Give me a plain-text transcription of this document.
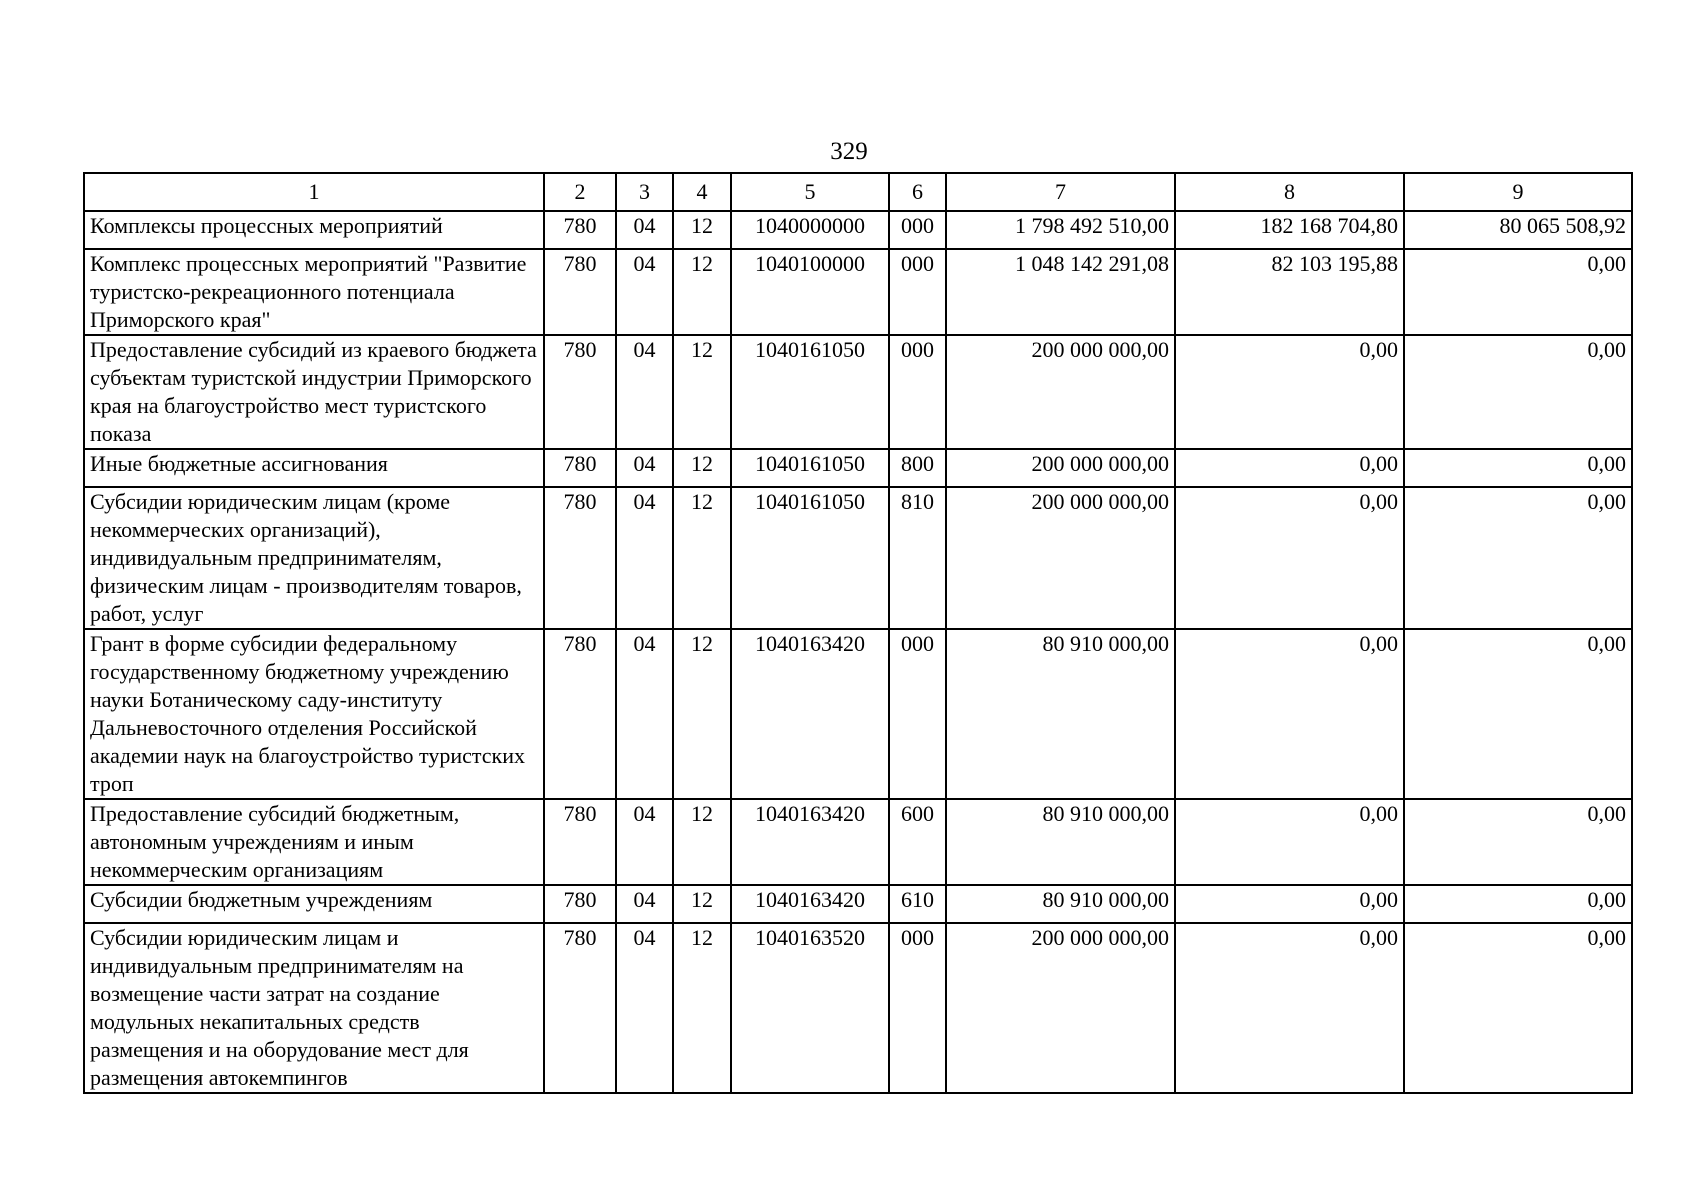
329
1	2	3	4	5	6	7	8	9
Комплексы процессных мероприятий	780	04	12	1040000000	000	1 798 492 510,00	182 168 704,80	80 065 508,92
Комплекс процессных мероприятий "Развитие туристско-рекреационного потенциала Приморского края"	780	04	12	1040100000	000	1 048 142 291,08	82 103 195,88	0,00
Предоставление субсидий из краевого бюджета субъектам туристской индустрии Приморского края на благоустройство мест туристского показа	780	04	12	1040161050	000	200 000 000,00	0,00	0,00
Иные бюджетные ассигнования	780	04	12	1040161050	800	200 000 000,00	0,00	0,00
Субсидии юридическим лицам (кроме некоммерческих организаций), индивидуальным предпринимателям, физическим лицам - производителям товаров, работ, услуг	780	04	12	1040161050	810	200 000 000,00	0,00	0,00
Грант в форме субсидии федеральному государственному бюджетному учреждению науки Ботаническому саду-институту Дальневосточного отделения Российской академии наук на благоустройство туристских троп	780	04	12	1040163420	000	80 910 000,00	0,00	0,00
Предоставление субсидий бюджетным, автономным учреждениям и иным некоммерческим организациям	780	04	12	1040163420	600	80 910 000,00	0,00	0,00
Субсидии бюджетным учреждениям	780	04	12	1040163420	610	80 910 000,00	0,00	0,00
Субсидии юридическим лицам и индивидуальным предпринимателям на возмещение части затрат на создание модульных некапитальных средств размещения и на оборудование мест для размещения автокемпингов	780	04	12	1040163520	000	200 000 000,00	0,00	0,00
